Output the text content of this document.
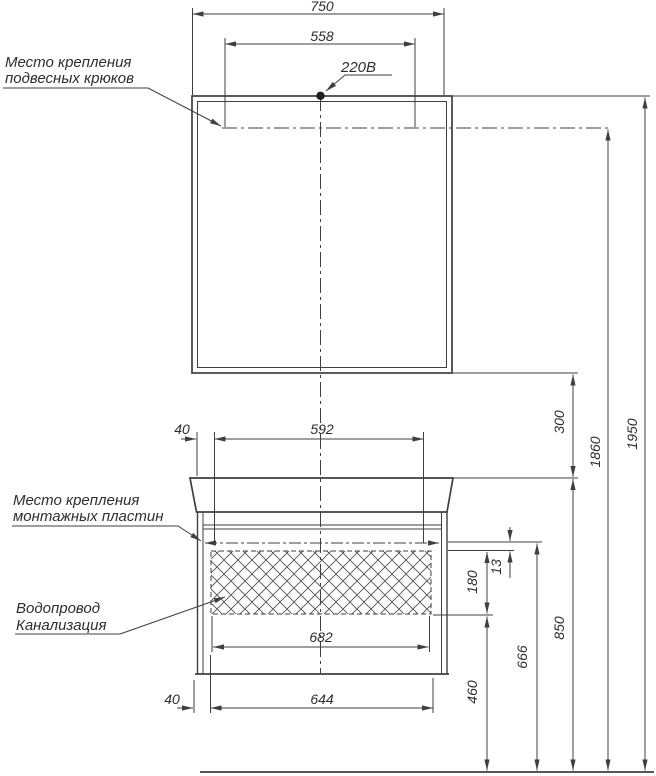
750
558
220В
Место крепления
подвесных крюков
1950
1860
300
850
666
460
180
13
40	592
682
40	644
Место крепления
монтажных пластин
Водопровод
Канализация
